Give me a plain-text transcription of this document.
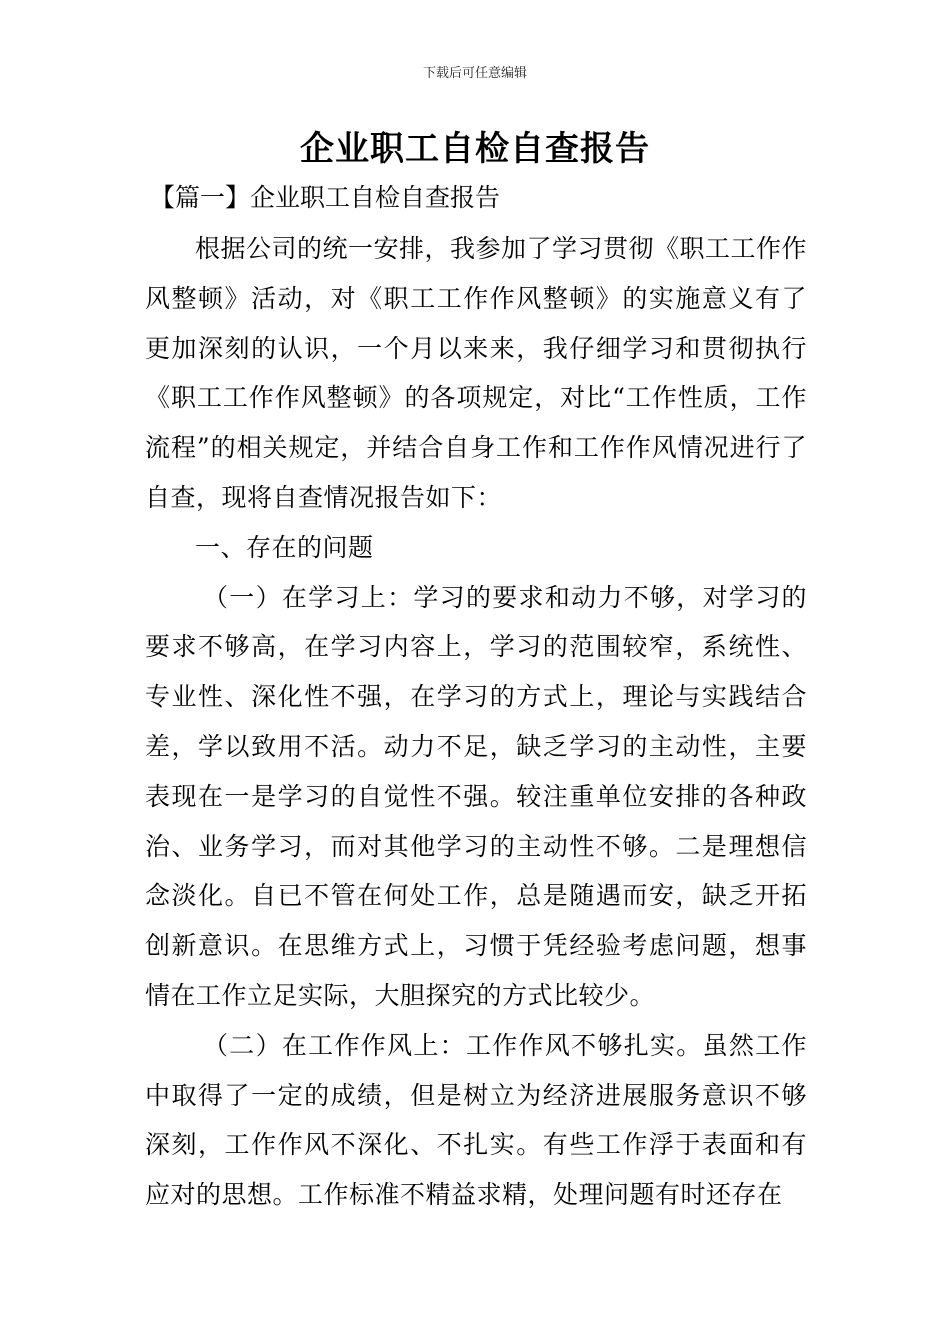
下载后可任意编辑
企业职工自检自查报告
【篇一】企业职工自检自查报告

根据公司的统一安排，我参加了学习贯彻《职工工作作风整顿》活动，对《职工工作作风整顿》的实施意义有了更加深刻的认识，一个月以来来，我仔细学习和贯彻执行《职工工作作风整顿》的各项规定，对比“工作性质，工作流程”的相关规定，并结合自身工作和工作作风情况进行了自查，现将自查情况报告如下：

一、存在的问题

（一）在学习上：学习的要求和动力不够，对学习的要求不够高，在学习内容上，学习的范围较窄，系统性、专业性、深化性不强，在学习的方式上，理论与实践结合差，学以致用不活。动力不足，缺乏学习的主动性，主要表现在一是学习的自觉性不强。较注重单位安排的各种政治、业务学习，而对其他学习的主动性不够。二是理想信念淡化。自已不管在何处工作，总是随遇而安，缺乏开拓创新意识。在思维方式上，习惯于凭经验考虑问题，想事情在工作立足实际，大胆探究的方式比较少。

（二）在工作作风上：工作作风不够扎实。虽然工作中取得了一定的成绩，但是树立为经济进展服务意识不够深刻，工作作风不深化、不扎实。有些工作浮于表面和有应对的思想。工作标准不精益求精，处理问题有时还存在
